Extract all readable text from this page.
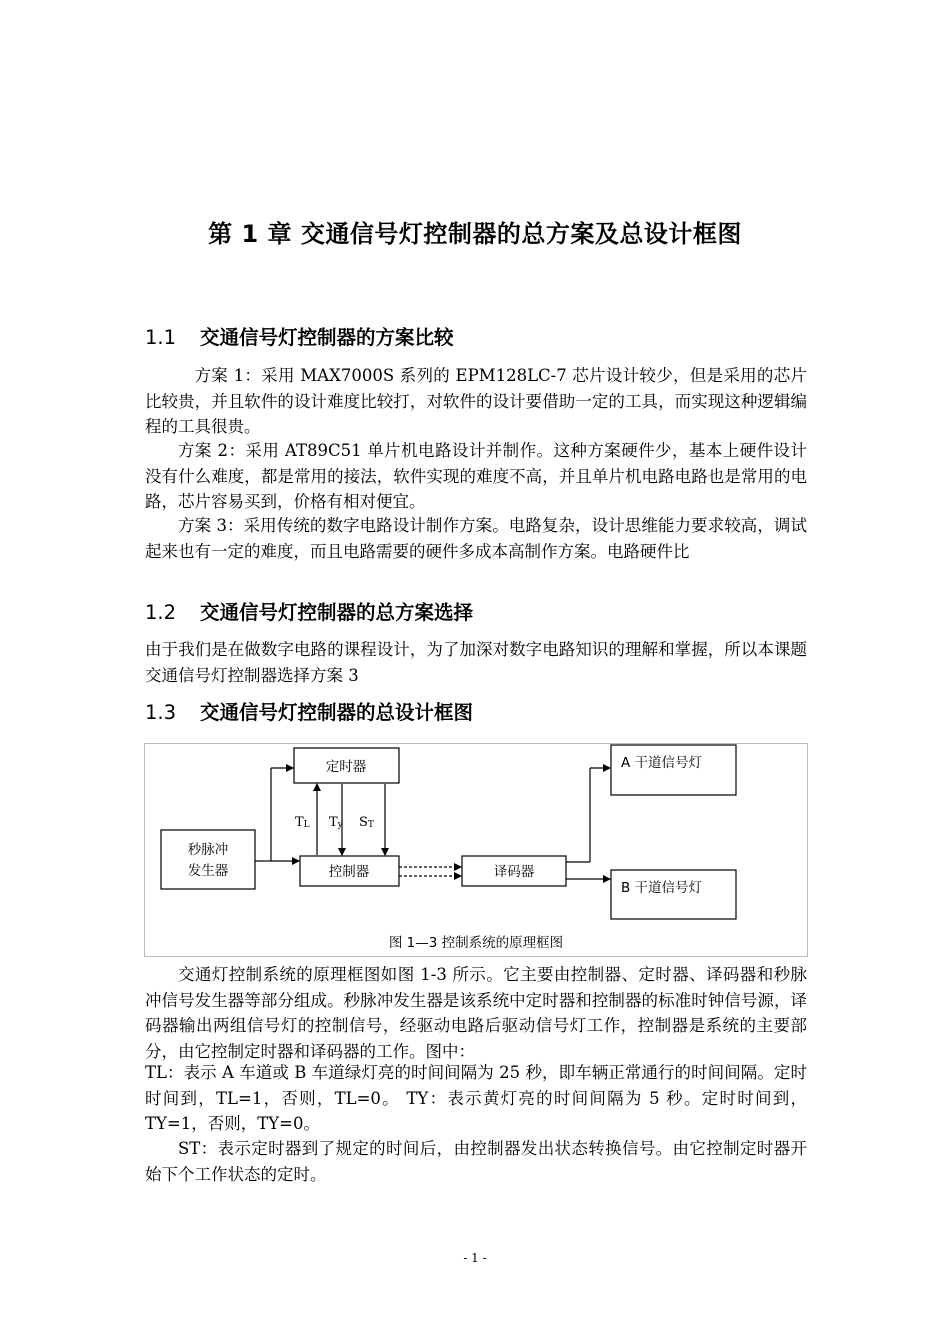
第 1 章 交通信号灯控制器的总方案及总设计框图
1.1 交通信号灯控制器的方案比较

方案 1：采用 MAX7000S 系列的 EPM128LC-7 芯片设计较少，但是采用的芯片比较贵，并且软件的设计难度比较打，对软件的设计要借助一定的工具，而实现这种逻辑编程的工具很贵。

方案 2：采用 AT89C51 单片机电路设计并制作。这种方案硬件少，基本上硬件设计没有什么难度，都是常用的接法，软件实现的难度不高，并且单片机电路电路也是常用的电路，芯片容易买到，价格有相对便宜。

方案 3：采用传统的数字电路设计制作方案。电路复杂，设计思维能力要求较高，调试起来也有一定的难度，而且电路需要的硬件多成本高制作方案。电路硬件比

1.2 交通信号灯控制器的总方案选择

由于我们是在做数字电路的课程设计，为了加深对数字电路知识的理解和掌握，所以本课题交通信号灯控制器选择方案 3

1.3 交通信号灯控制器的总设计框图
定时器
秒脉冲
发生器	控制器	译码器
A 干道信号灯
B 干道信号灯
TL Ty ST
图 1—3 控制系统的原理框图

交通灯控制系统的原理框图如图 1-3 所示。它主要由控制器、定时器、译码器和秒脉冲信号发生器等部分组成。秒脉冲发生器是该系统中定时器和控制器的标准时钟信号源，译码器输出两组信号灯的控制信号，经驱动电路后驱动信号灯工作，控制器是系统的主要部分，由它控制定时器和译码器的工作。图中：

TL：表示 A 车道或 B 车道绿灯亮的时间间隔为 25 秒，即车辆正常通行的时间间隔。定时时间到，TL=1，否则，TL=0。 TY：表示黄灯亮的时间间隔为 5 秒。定时时间到，TY=1，否则，TY=0。

ST：表示定时器到了规定的时间后，由控制器发出状态转换信号。由它控制定时器开始下个工作状态的定时。

- 1 -
